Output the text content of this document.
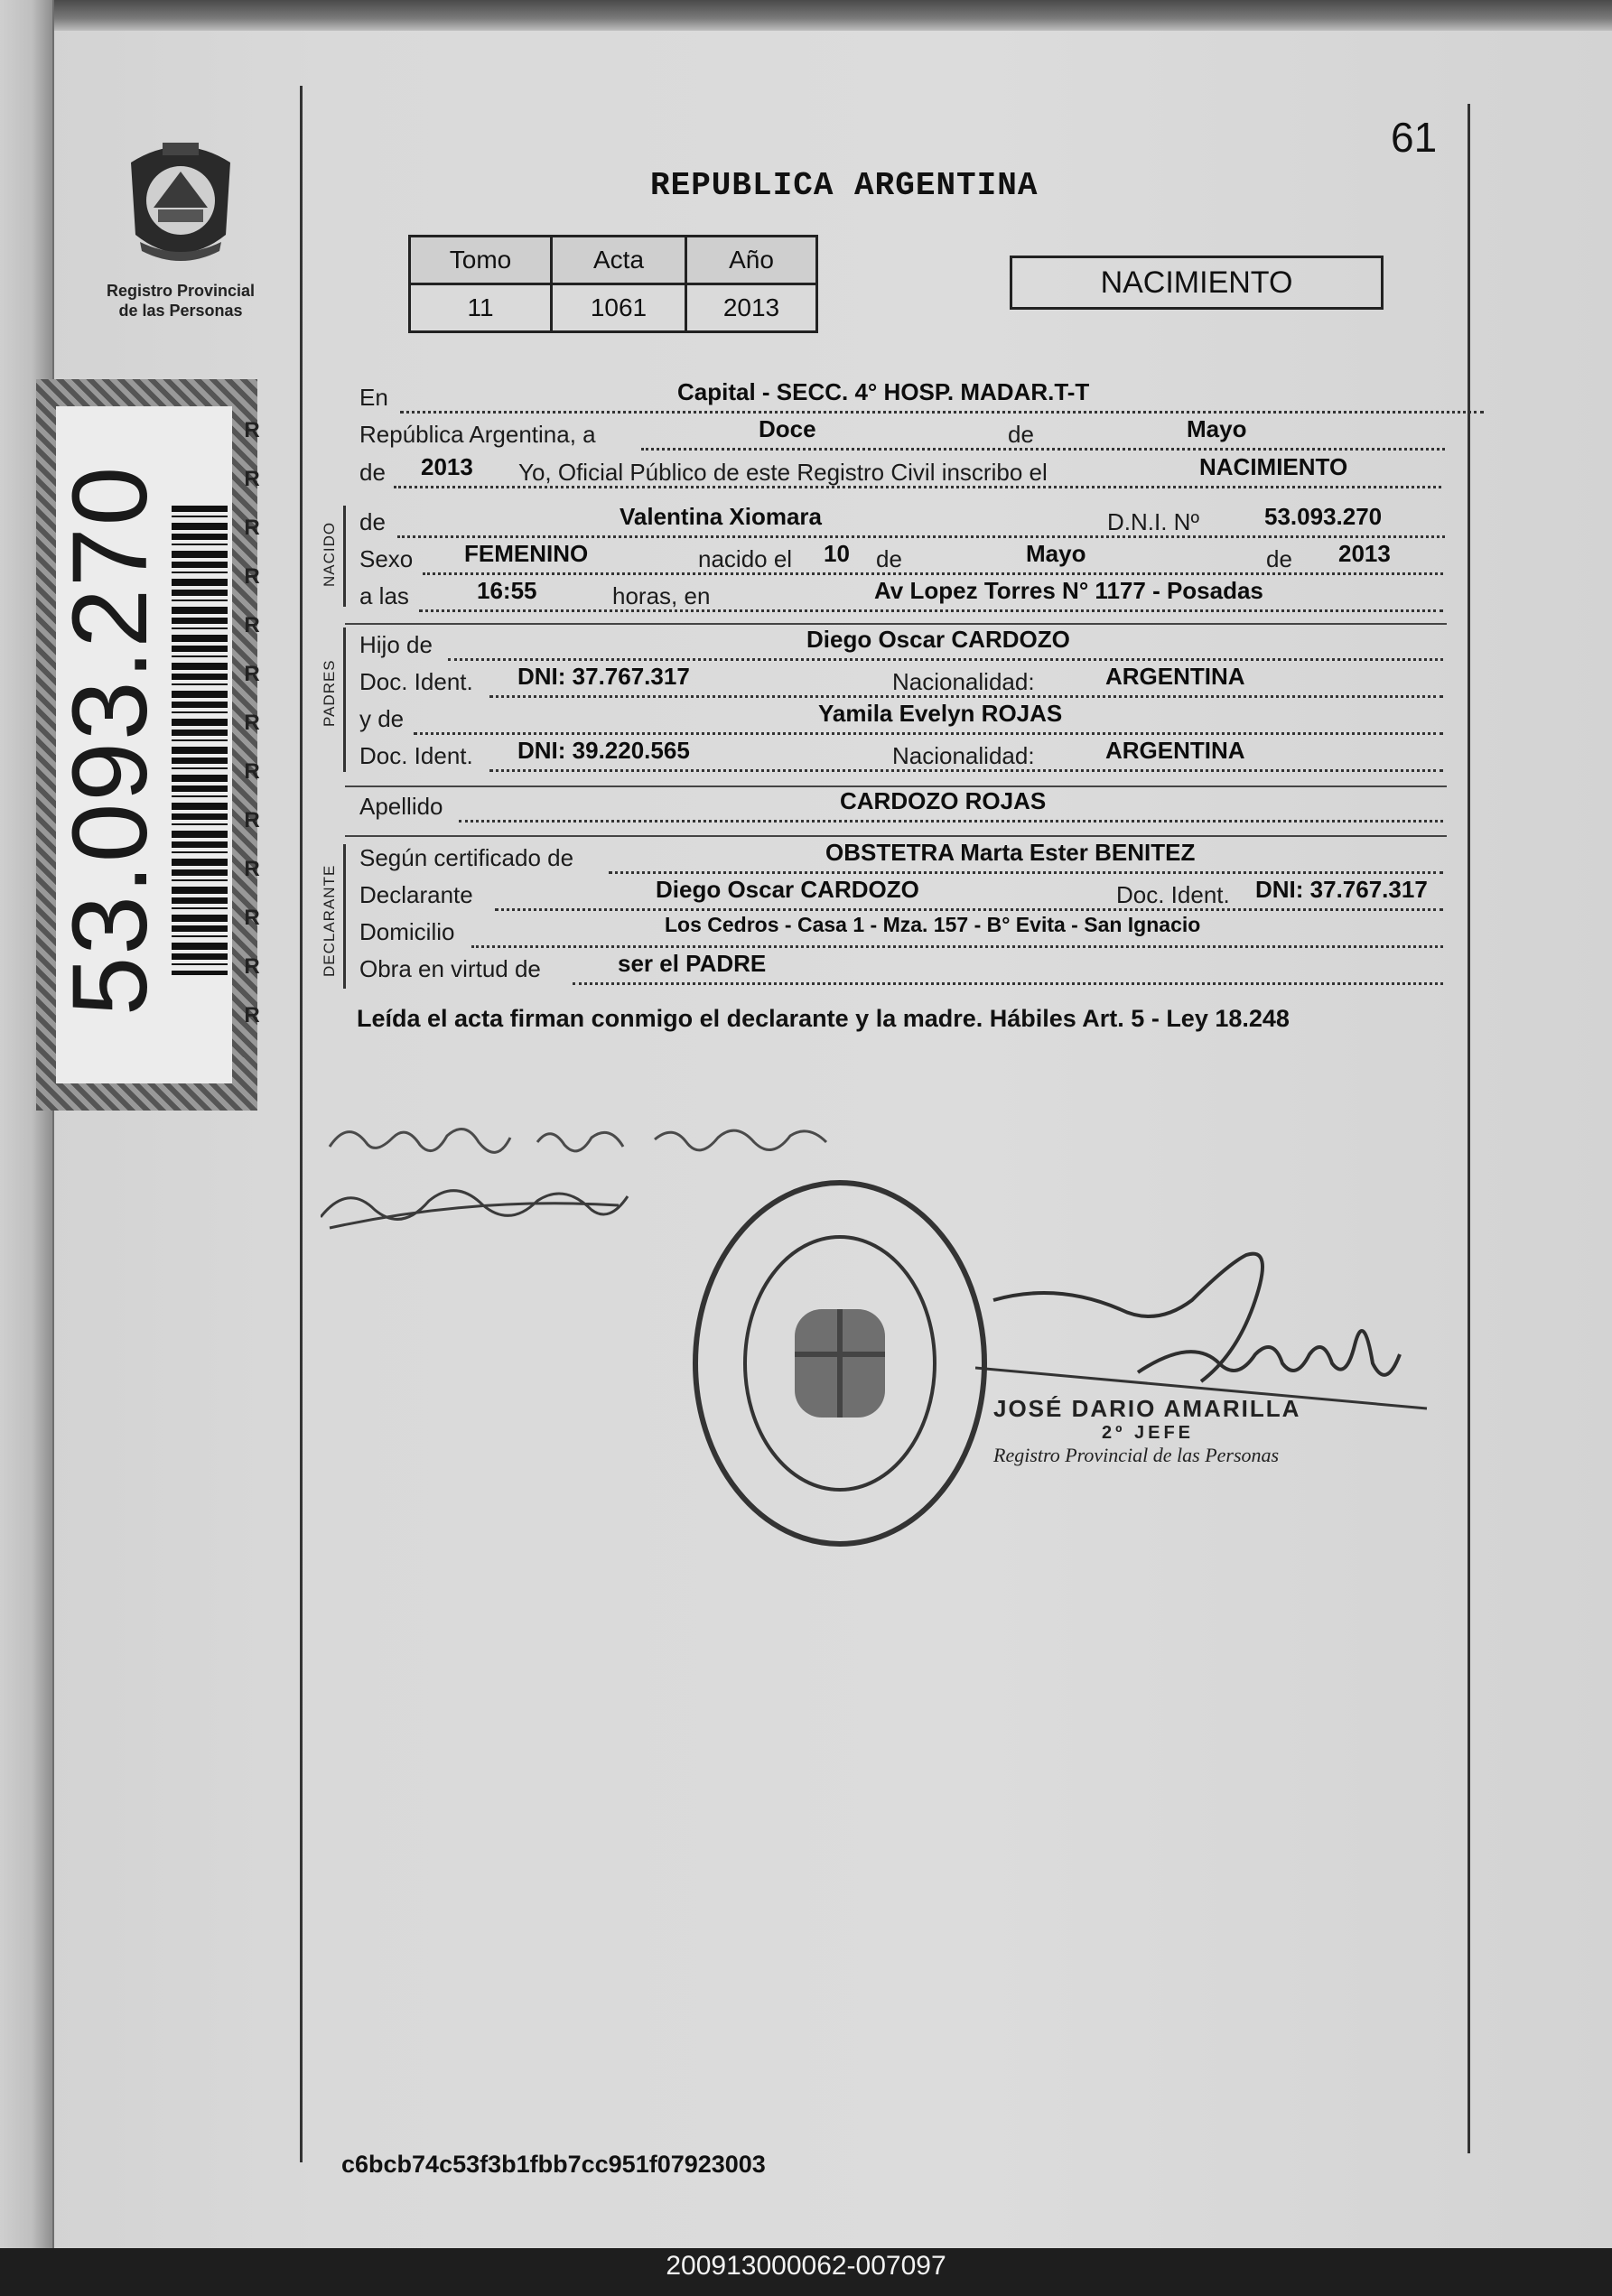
61
Registro Provincial
de las Personas
REPUBLICA ARGENTINA
Tomo	Acta	Año
11	1061	2013
NACIMIENTO
53.093.270
RRRRRRRRRRRRR
NACIDO
PADRES
DECLARANTE
En	Capital - SECC. 4° HOSP. MADAR.T-T
República Argentina, a	Doce	de	Mayo
de 2013 Yo, Oficial Público de este Registro Civil inscribo el	NACIMIENTO
de	Valentina Xiomara	D.N.I. Nº	53.093.270
Sexo FEMENINO	nacido el 10 de	Mayo	de 2013
a las	16:55	horas, en	Av Lopez Torres N° 1177 - Posadas
Hijo de	Diego Oscar CARDOZO
Doc. Ident. DNI: 37.767.317	Nacionalidad:	ARGENTINA
y de	Yamila Evelyn ROJAS
Doc. Ident. DNI: 39.220.565	Nacionalidad:	ARGENTINA
Apellido	CARDOZO ROJAS
Según certificado de	OBSTETRA Marta Ester BENITEZ
Declarante	Diego Oscar CARDOZO	Doc. Ident. DNI: 37.767.317
Domicilio	Los Cedros - Casa 1 - Mza. 157 - B° Evita - San Ignacio
Obra en virtud de	ser el PADRE
Leída el acta firman conmigo el declarante y la madre. Hábiles Art. 5 - Ley 18.248
JOSÉ DARIO AMARILLA
2º JEFE
Registro Provincial de las Personas
c6bcb74c53f3b1fbb7cc951f07923003
200913000062-007097
